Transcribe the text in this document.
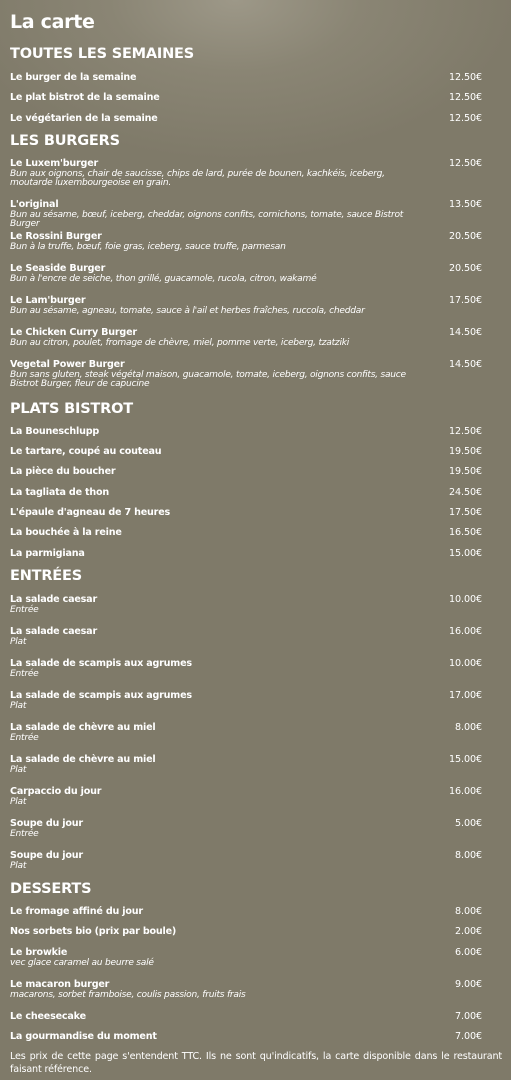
La carte
TOUTES LES SEMAINES
Le burger de la semaine	12.50€
Le plat bistrot de la semaine	12.50€
Le végétarien de la semaine	12.50€
LES BURGERS
Le Luxem'burger	12.50€
Bun aux oignons, chair de saucisse, chips de lard, purée de bounen, kachkéis, iceberg, moutarde luxembourgeoise en grain.
L'original	13.50€
Bun au sésame, bœuf, iceberg, cheddar, oignons confits, cornichons, tomate, sauce Bistrot Burger
Le Rossini Burger	20.50€
Bun à la truffe, bœuf, foie gras, iceberg, sauce truffe, parmesan
Le Seaside Burger	20.50€
Bun à l'encre de seiche, thon grillé, guacamole, rucola, citron, wakamé
Le Lam'burger	17.50€
Bun au sésame, agneau, tomate, sauce à l'ail et herbes fraîches, ruccola, cheddar
Le Chicken Curry Burger	14.50€
Bun au citron, poulet, fromage de chèvre, miel, pomme verte, iceberg, tzatziki
Vegetal Power Burger	14.50€
Bun sans gluten, steak végétal maison, guacamole, tomate, iceberg, oignons confits, sauce Bistrot Burger, fleur de capucine
PLATS BISTROT
La Bouneschlupp	12.50€
Le tartare, coupé au couteau	19.50€
La pièce du boucher	19.50€
La tagliata de thon	24.50€
L'épaule d'agneau de 7 heures	17.50€
La bouchée à la reine	16.50€
La parmigiana	15.00€
ENTRÉES
La salade caesar	10.00€
Entrée
La salade caesar	16.00€
Plat
La salade de scampis aux agrumes	10.00€
Entrée
La salade de scampis aux agrumes	17.00€
Plat
La salade de chèvre au miel	8.00€
Entrée
La salade de chèvre au miel	15.00€
Plat
Carpaccio du jour	16.00€
Plat
Soupe du jour	5.00€
Entrée
Soupe du jour	8.00€
Plat
DESSERTS
Le fromage affiné du jour	8.00€
Nos sorbets bio (prix par boule)	2.00€
Le browkie	6.00€
vec glace caramel au beurre salé
Le macaron burger	9.00€
macarons, sorbet framboise, coulis passion, fruits frais
Le cheesecake	7.00€
La gourmandise du moment	7.00€
Les prix de cette page s'entendent TTC. Ils ne sont qu'indicatifs, la carte disponible dans le restaurant faisant référence.
